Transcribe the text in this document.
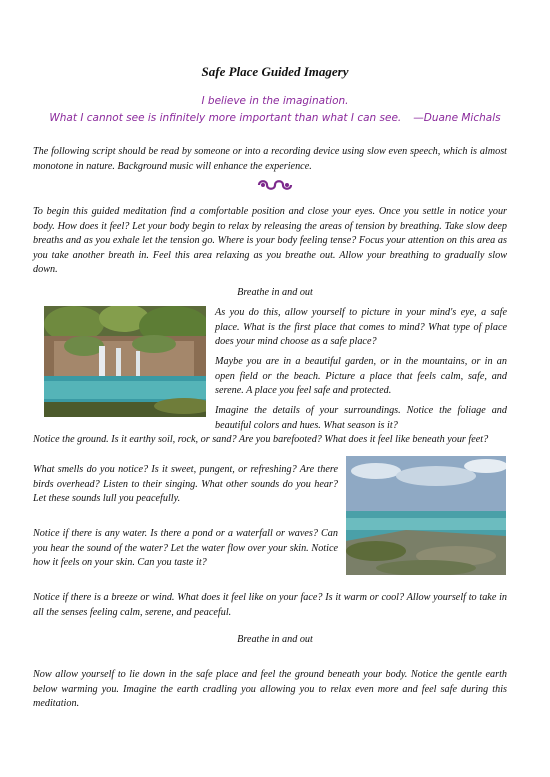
Safe Place Guided Imagery
I believe in the imagination.
What I cannot see is infinitely more important than what I can see. —Duane Michals
The following script should be read by someone or into a recording device using slow even speech, which is almost monotone in nature. Background music will enhance the experience.
To begin this guided meditation find a comfortable position and close your eyes. Once you settle in notice your body. How does it feel? Let your body begin to relax by releasing the areas of tension by breathing. Take slow deep breaths and as you exhale let the tension go. Where is your body feeling tense? Focus your attention on this area as you take another breath in. Feel this area relaxing as you breathe out. Allow your breathing to gradually slow down.
Breathe in and out
As you do this, allow yourself to picture in your mind's eye, a safe place. What is the first place that comes to mind? What type of place does your mind choose as a safe place?
Maybe you are in a beautiful garden, or in the mountains, or in an open field or the beach. Picture a place that feels calm, safe, and serene. A place you feel safe and protected.
Imagine the details of your surroundings. Notice the foliage and beautiful colors and hues. What season is it?
Notice the ground. Is it earthy soil, rock, or sand? Are you barefooted? What does it feel like beneath your feet?
What smells do you notice? Is it sweet, pungent, or refreshing? Are there birds overhead? Listen to their singing. What other sounds do you hear? Let these sounds lull you peacefully.
Notice if there is any water. Is there a pond or a waterfall or waves? Can you hear the sound of the water? Let the water flow over your skin. Notice how it feels on your skin. Can you taste it?
Notice if there is a breeze or wind. What does it feel like on your face? Is it warm or cool? Allow yourself to take in all the senses feeling calm, serene, and peaceful.
Breathe in and out
Now allow yourself to lie down in the safe place and feel the ground beneath your body. Notice the gentle earth below warming you. Imagine the earth cradling you allowing you to relax even more and feel safe during this meditation.
